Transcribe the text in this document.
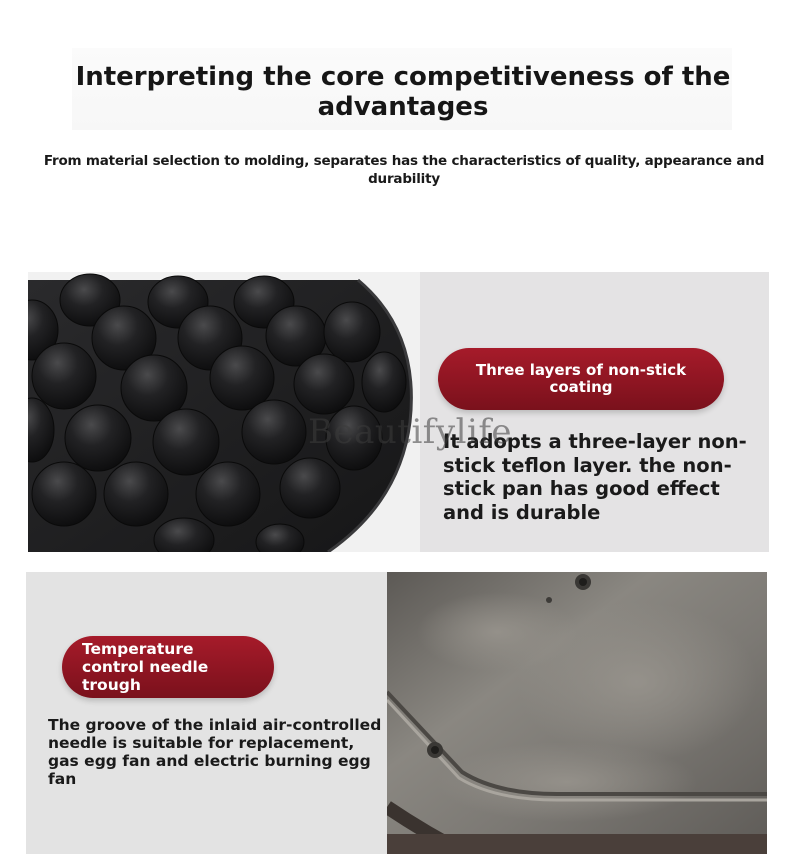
Interpreting the core competitiveness of the advantages

From material selection to molding, separates has the characteristics of quality, appearance and durability

Three layers of non-stick coating

It adopts a three-layer non-stick teflon layer. the non-stick pan has good effect and is durable

Temperature control needle trough

The groove of the inlaid air-controlled needle is suitable for replacement, gas egg fan and electric burning egg fan

Beautifylife
